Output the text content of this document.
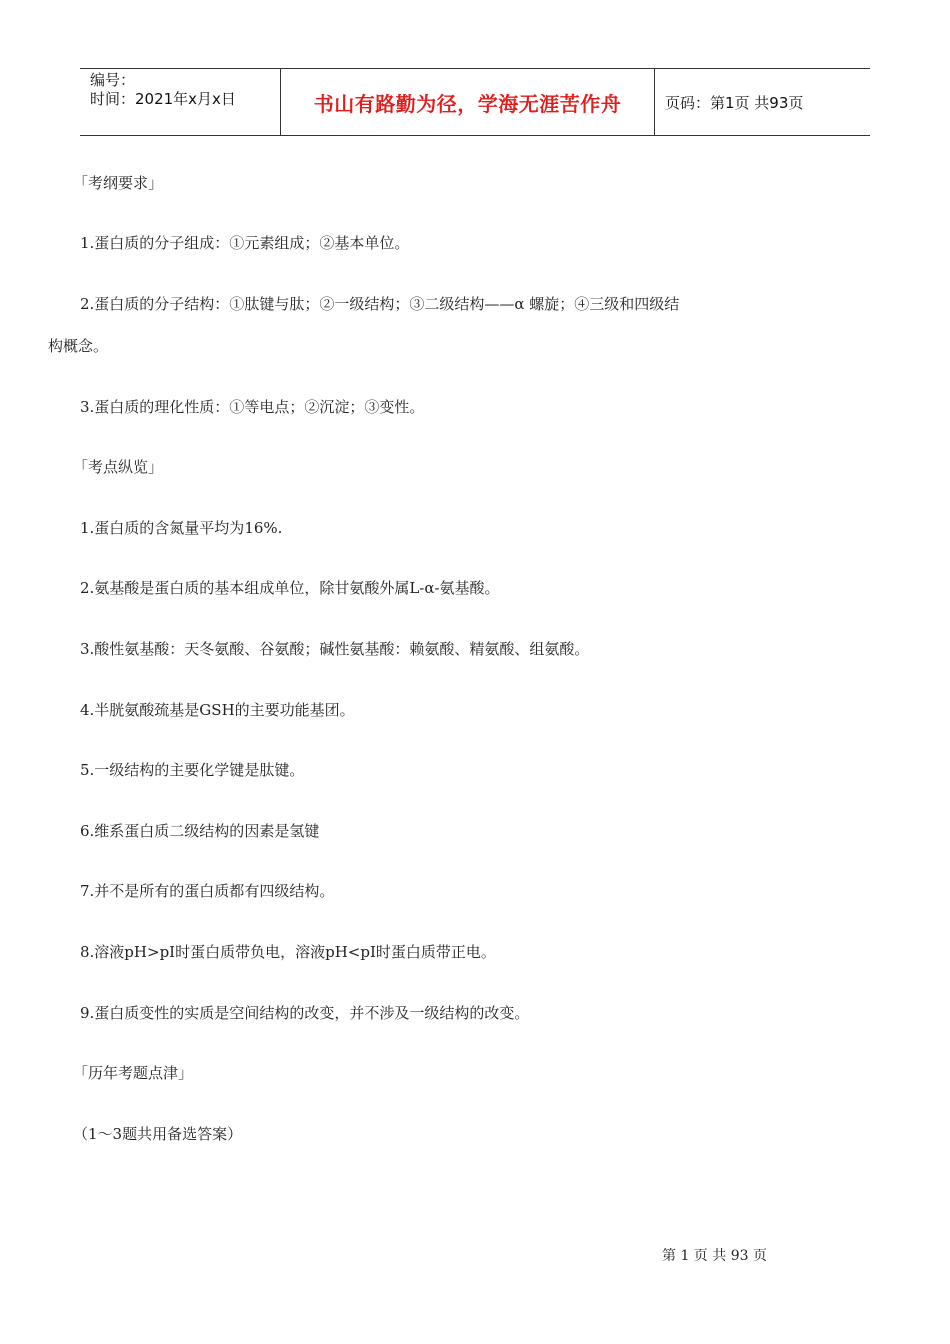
编号：
时间：2021年x月x日	书山有路勤为径，学海无涯苦作舟	页码：第1页 共93页
「考纲要求」
1.蛋白质的分子组成：①元素组成；②基本单位。
2.蛋白质的分子结构：①肽键与肽；②一级结构；③二级结构——α 螺旋；④三级和四级结
构概念。
3.蛋白质的理化性质：①等电点；②沉淀；③变性。
「考点纵览」
1.蛋白质的含氮量平均为16%.
2.氨基酸是蛋白质的基本组成单位，除甘氨酸外属L-α-氨基酸。
3.酸性氨基酸：天冬氨酸、谷氨酸；碱性氨基酸：赖氨酸、精氨酸、组氨酸。
4.半胱氨酸巯基是GSH的主要功能基团。
5.一级结构的主要化学键是肽键。
6.维系蛋白质二级结构的因素是氢键
7.并不是所有的蛋白质都有四级结构。
8.溶液pH>pI时蛋白质带负电，溶液pH<pI时蛋白质带正电。
9.蛋白质变性的实质是空间结构的改变，并不涉及一级结构的改变。
「历年考题点津」
（1～3题共用备选答案）
第 1 页 共 93 页
